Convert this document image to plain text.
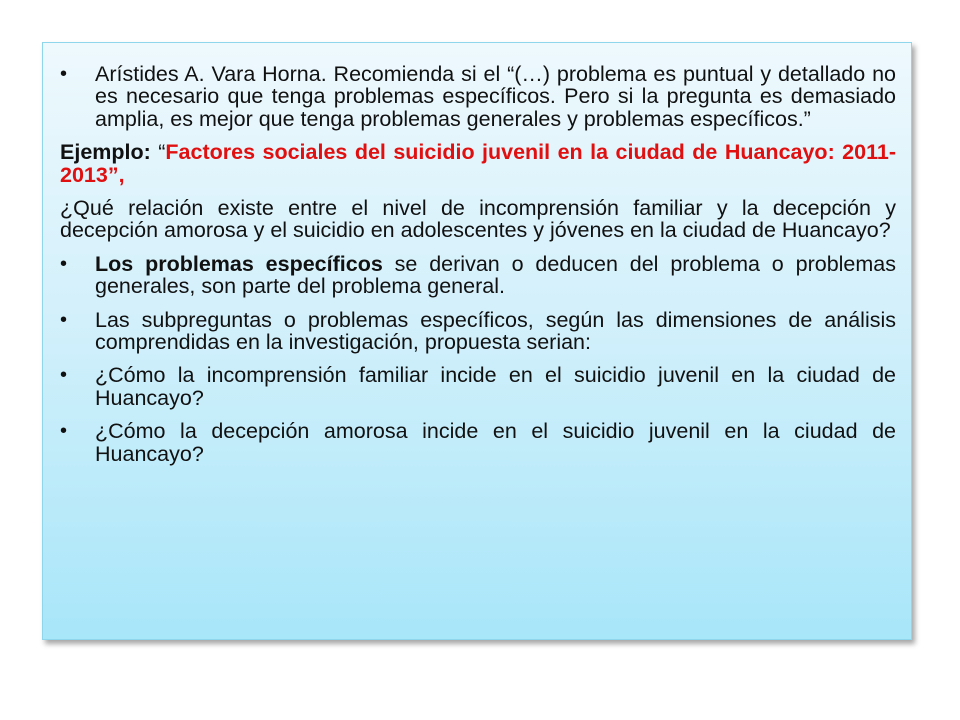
• Arístides A. Vara Horna. Recomienda si el “(…) problema es puntual y detallado no es necesario que tenga problemas específicos. Pero si la pregunta es demasiado amplia, es mejor que tenga problemas generales y problemas específicos.”
Ejemplo: “Factores sociales del suicidio juvenil en la ciudad de Huancayo: 2011-2013”,
¿Qué relación existe entre el nivel de incomprensión familiar y la decepción y decepción amorosa y el suicidio en adolescentes y jóvenes en la ciudad de Huancayo?
• Los problemas específicos se derivan o deducen del problema o problemas generales, son parte del problema general.
• Las subpreguntas o problemas específicos, según las dimensiones de análisis comprendidas en la investigación, propuesta serian:
• ¿Cómo la incomprensión familiar incide en el suicidio juvenil en la ciudad de Huancayo?
• ¿Cómo la decepción amorosa incide en el suicidio juvenil en la ciudad de Huancayo?
